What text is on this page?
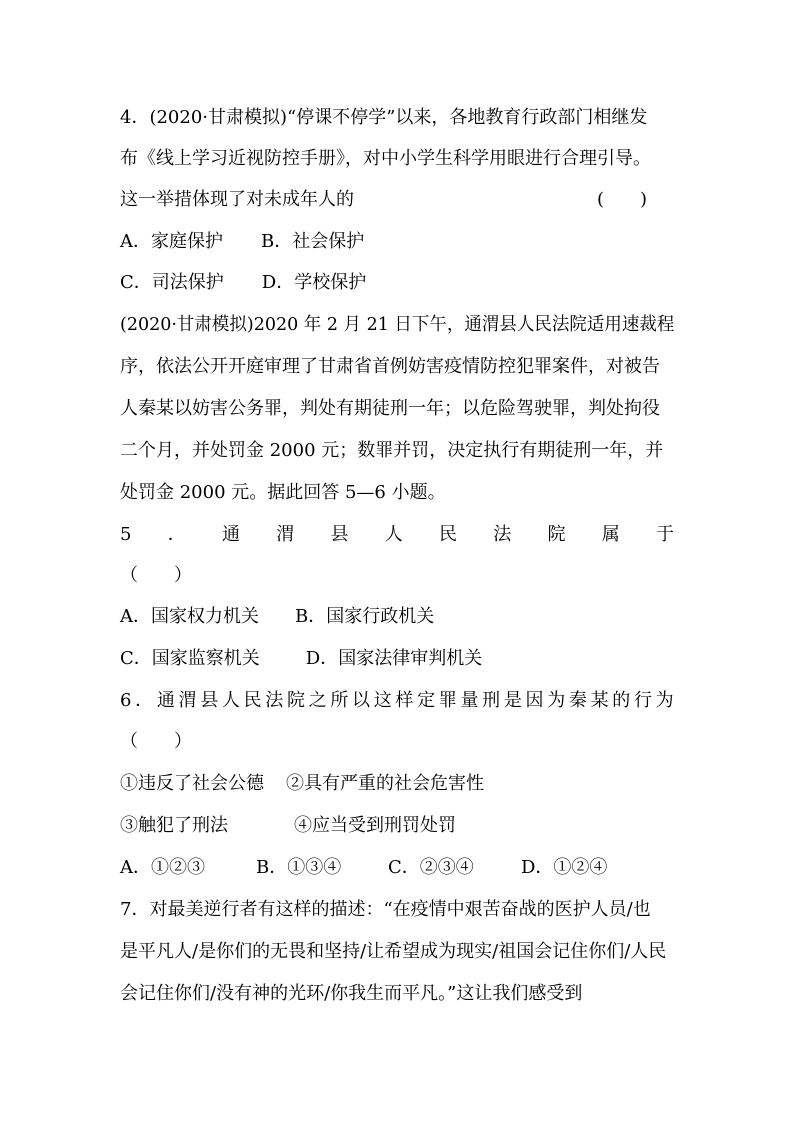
4．(2020·甘肃模拟)“停课不停学”以来，各地教育行政部门相继发
布《线上学习近视防控手册》，对中小学生科学用眼进行合理引导。
这一举措体现了对未成年人的	(　　)
A．家庭保护 B．社会保护
C．司法保护 D．学校保护
(2020·甘肃模拟)2020 年 2 月 21 日下午，通渭县人民法院适用速裁程
序，依法公开开庭审理了甘肃省首例妨害疫情防控犯罪案件，对被告
人秦某以妨害公务罪，判处有期徒刑一年；以危险驾驶罪，判处拘役
二个月，并处罚金 2000 元；数罪并罚，决定执行有期徒刑一年，并
处罚金 2000 元。据此回答 5—6 小题。
5 ． 通 渭 县 人 民 法 院 属 于
（　　）
A．国家权力机关 B．国家行政机关
C．国家监察机关	D．国家法律审判机关
6 ． 通 渭 县 人 民 法 院 之 所 以 这 样 定 罪 量 刑 是 因 为 秦 某 的 行 为
（　　）
①违反了社会公德 ②具有严重的社会危害性
③触犯了刑法	④应当受到刑罚处罚
A．①②③	B．①③④	C．②③④	D．①②④
7．对最美逆行者有这样的描述：“在疫情中艰苦奋战的医护人员/也
是平凡人/是你们的无畏和坚持/让希望成为现实/祖国会记住你们/人民
会记住你们/没有神的光环/你我生而平凡。”这让我们感受到
